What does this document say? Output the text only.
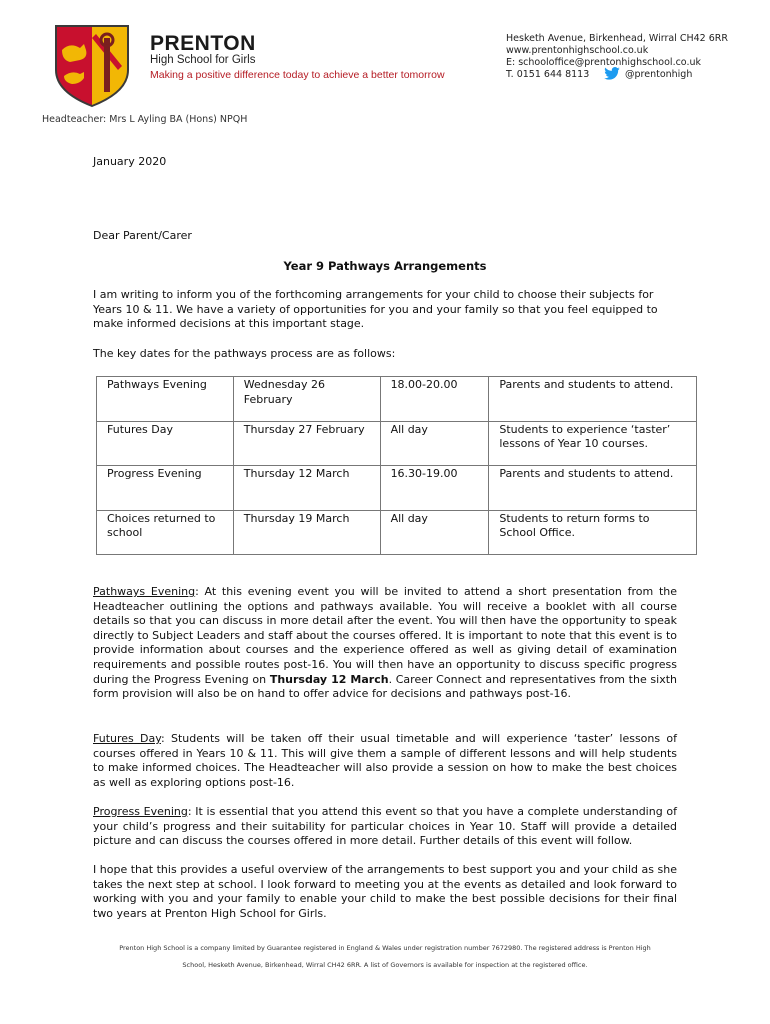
PRENTON
High School for Girls
Making a positive difference today to achieve a better tomorrow
Hesketh Avenue, Birkenhead, Wirral CH42 6RR
www.prentonhighschool.co.uk
E: schooloffice@prentonhighschool.co.uk
T. 0151 644 8113	@prentonhigh
Headteacher: Mrs L Ayling BA (Hons) NPQH
January 2020
Dear Parent/Carer
Year 9 Pathways Arrangements
I am writing to inform you of the forthcoming arrangements for your child to choose their subjects for Years 10 & 11. We have a variety of opportunities for you and your family so that you feel equipped to make informed decisions at this important stage.
The key dates for the pathways process are as follows:
Pathways Evening	Wednesday 26 February	18.00-20.00	Parents and students to attend.
Futures Day	Thursday 27 February	All day	Students to experience ‘taster’ lessons of Year 10 courses.
Progress Evening	Thursday 12 March	16.30-19.00	Parents and students to attend.
Choices returned to school	Thursday 19 March	All day	Students to return forms to School Office.
Pathways Evening: At this evening event you will be invited to attend a short presentation from the Headteacher outlining the options and pathways available. You will receive a booklet with all course details so that you can discuss in more detail after the event. You will then have the opportunity to speak directly to Subject Leaders and staff about the courses offered. It is important to note that this event is to provide information about courses and the experience offered as well as giving detail of examination requirements and possible routes post-16. You will then have an opportunity to discuss specific progress during the Progress Evening on Thursday 12 March. Career Connect and representatives from the sixth form provision will also be on hand to offer advice for decisions and pathways post-16.
Futures Day: Students will be taken off their usual timetable and will experience ‘taster’ lessons of courses offered in Years 10 & 11. This will give them a sample of different lessons and will help students to make informed choices. The Headteacher will also provide a session on how to make the best choices as well as exploring options post-16.
Progress Evening: It is essential that you attend this event so that you have a complete understanding of your child’s progress and their suitability for particular choices in Year 10. Staff will provide a detailed picture and can discuss the courses offered in more detail. Further details of this event will follow.
I hope that this provides a useful overview of the arrangements to best support you and your child as she takes the next step at school. I look forward to meeting you at the events as detailed and look forward to working with you and your family to enable your child to make the best possible decisions for their final two years at Prenton High School for Girls.
Prenton High School is a company limited by Guarantee registered in England & Wales under registration number 7672980. The registered address is Prenton High
School, Hesketh Avenue, Birkenhead, Wirral CH42 6RR. A list of Governors is available for inspection at the registered office.
